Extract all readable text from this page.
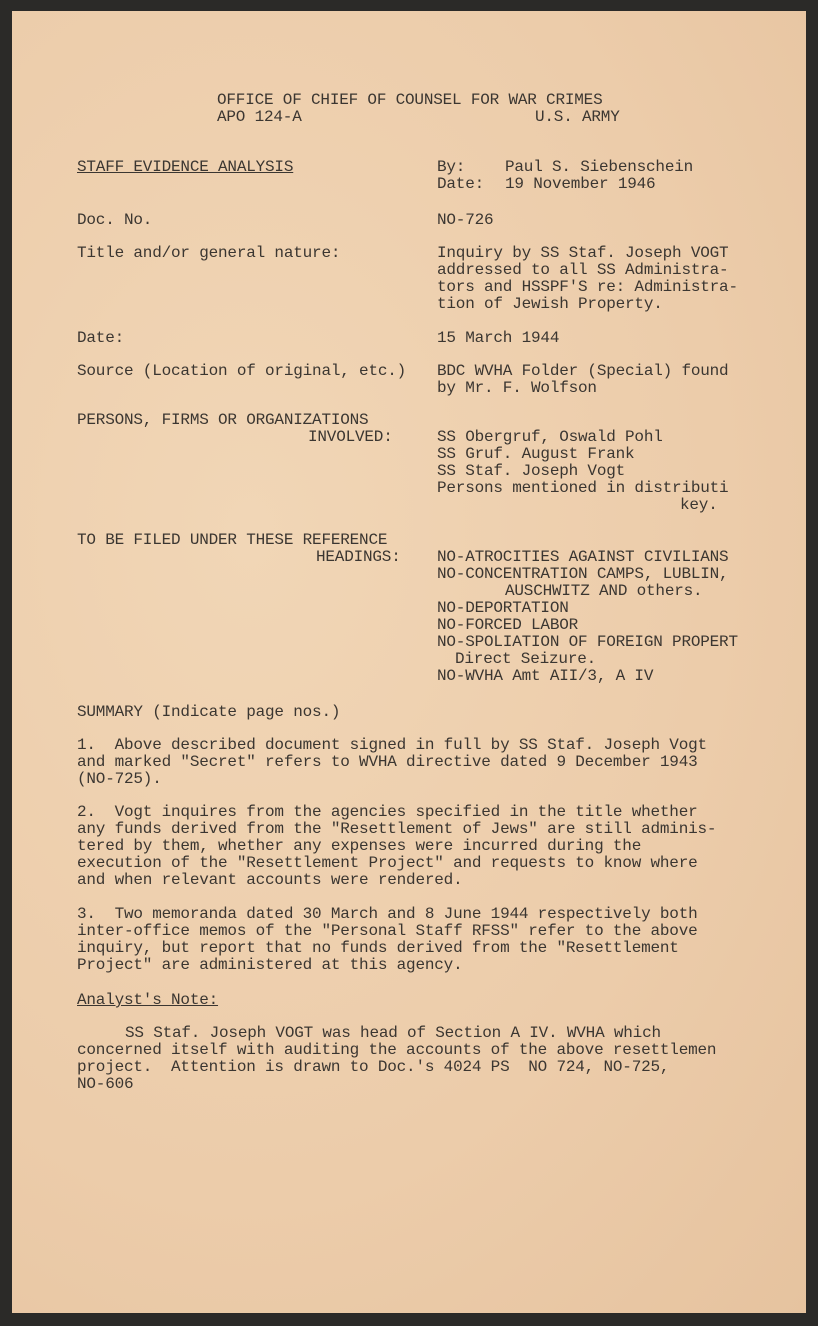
OFFICE OF CHIEF OF COUNSEL FOR WAR CRIMES
APO 124-A	U.S. ARMY
STAFF EVIDENCE ANALYSIS	By: Paul S. Siebenschein
Date: 19 November 1946
Doc. No.	NO-726
Title and/or general nature:	Inquiry by SS Staf. Joseph VOGT
addressed to all SS Administra-
tors and HSSPF'S re: Administra-
tion of Jewish Property.
Date:	15 March 1944
Source (Location of original, etc.) BDC WVHA Folder (Special) found
by Mr. F. Wolfson
PERSONS, FIRMS OR ORGANIZATIONS
INVOLVED:	SS Obergruf, Oswald Pohl
SS Gruf. August Frank
SS Staf. Joseph Vogt
Persons mentioned in distributi
key.
TO BE FILED UNDER THESE REFERENCE
HEADINGS: NO-ATROCITIES AGAINST CIVILIANS
NO-CONCENTRATION CAMPS, LUBLIN,
AUSCHWITZ AND others.
NO-DEPORTATION
NO-FORCED LABOR
NO-SPOLIATION OF FOREIGN PROPERT
Direct Seizure.
NO-WVHA Amt AII/3, A IV
SUMMARY (Indicate page nos.)
1.  Above described document signed in full by SS Staf. Joseph Vogt
and marked "Secret" refers to WVHA directive dated 9 December 1943
(NO-725).
2.  Vogt inquires from the agencies specified in the title whether
any funds derived from the "Resettlement of Jews" are still adminis-
tered by them, whether any expenses were incurred during the
execution of the "Resettlement Project" and requests to know where
and when relevant accounts were rendered.
3.  Two memoranda dated 30 March and 8 June 1944 respectively both
inter-office memos of the "Personal Staff RFSS" refer to the above
inquiry, but report that no funds derived from the "Resettlement
Project" are administered at this agency.
Analyst's Note:
SS Staf. Joseph VOGT was head of Section A IV. WVHA which
concerned itself with auditing the accounts of the above resettlemen
project.  Attention is drawn to Doc.'s 4024 PS  NO 724, NO-725,
NO-606
